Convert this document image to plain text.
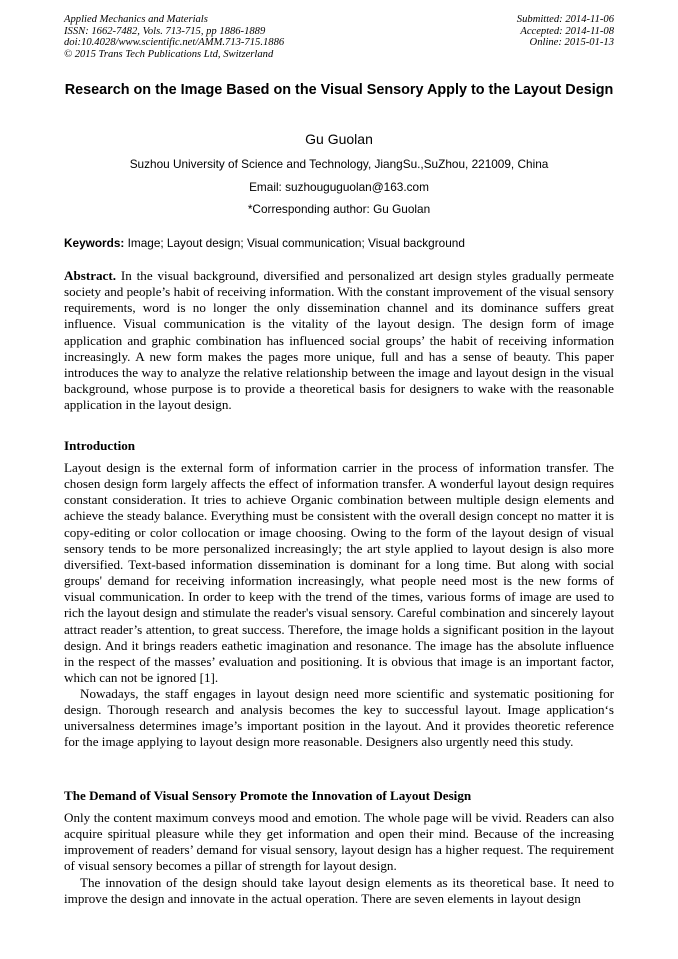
Applied Mechanics and Materials
ISSN: 1662-7482, Vols. 713-715, pp 1886-1889
doi:10.4028/www.scientific.net/AMM.713-715.1886
© 2015 Trans Tech Publications Ltd, Switzerland
Submitted: 2014-11-06
Accepted: 2014-11-08
Online: 2015-01-13
Research on the Image Based on the Visual Sensory Apply to the Layout Design
Gu Guolan
Suzhou University of Science and Technology, JiangSu.,SuZhou, 221009, China
Email: suzhouguguolan@163.com
*Corresponding author: Gu Guolan
Keywords: Image; Layout design; Visual communication; Visual background

Abstract. In the visual background, diversified and personalized art design styles gradually permeate society and people’s habit of receiving information. With the constant improvement of the visual sensory requirements, word is no longer the only dissemination channel and its dominance suffers great influence. Visual communication is the vitality of the layout design. The design form of image application and graphic combination has influenced social groups’ the habit of receiving information increasingly. A new form makes the pages more unique, full and has a sense of beauty. This paper introduces the way to analyze the relative relationship between the image and layout design in the visual background, whose purpose is to provide a theoretical basis for designers to wake with the reasonable application in the layout design.

Introduction

Layout design is the external form of information carrier in the process of information transfer. The chosen design form largely affects the effect of information transfer. A wonderful layout design requires constant consideration. It tries to achieve Organic combination between multiple design elements and achieve the steady balance. Everything must be consistent with the overall design concept no matter it is copy-editing or color collocation or image choosing. Owing to the form of the layout design of visual sensory tends to be more personalized increasingly; the art style applied to layout design is also more diversified. Text-based information dissemination is dominant for a long time. But along with social groups' demand for receiving information increasingly, what people need most is the new forms of visual communication. In order to keep with the trend of the times, various forms of image are used to rich the layout design and stimulate the reader's visual sensory. Careful combination and sincerely layout attract reader’s attention, to great success. Therefore, the image holds a significant position in the layout design. And it brings readers eathetic imagination and resonance. The image has the absolute influence in the respect of the masses’ evaluation and positioning. It is obvious that image is an important factor, which can not be ignored [1].

Nowadays, the staff engages in layout design need more scientific and systematic positioning for design. Thorough research and analysis becomes the key to successful layout. Image application‘s universalness determines image’s important position in the layout. And it provides theoretic reference for the image applying to layout design more reasonable. Designers also urgently need this study.

The Demand of Visual Sensory Promote the Innovation of Layout Design

Only the content maximum conveys mood and emotion. The whole page will be vivid. Readers can also acquire spiritual pleasure while they get information and open their mind. Because of the increasing improvement of readers’ demand for visual sensory, layout design has a higher request. The requirement of visual sensory becomes a pillar of strength for layout design.

The innovation of the design should take layout design elements as its theoretical base. It need to improve the design and innovate in the actual operation. There are seven elements in layout design
